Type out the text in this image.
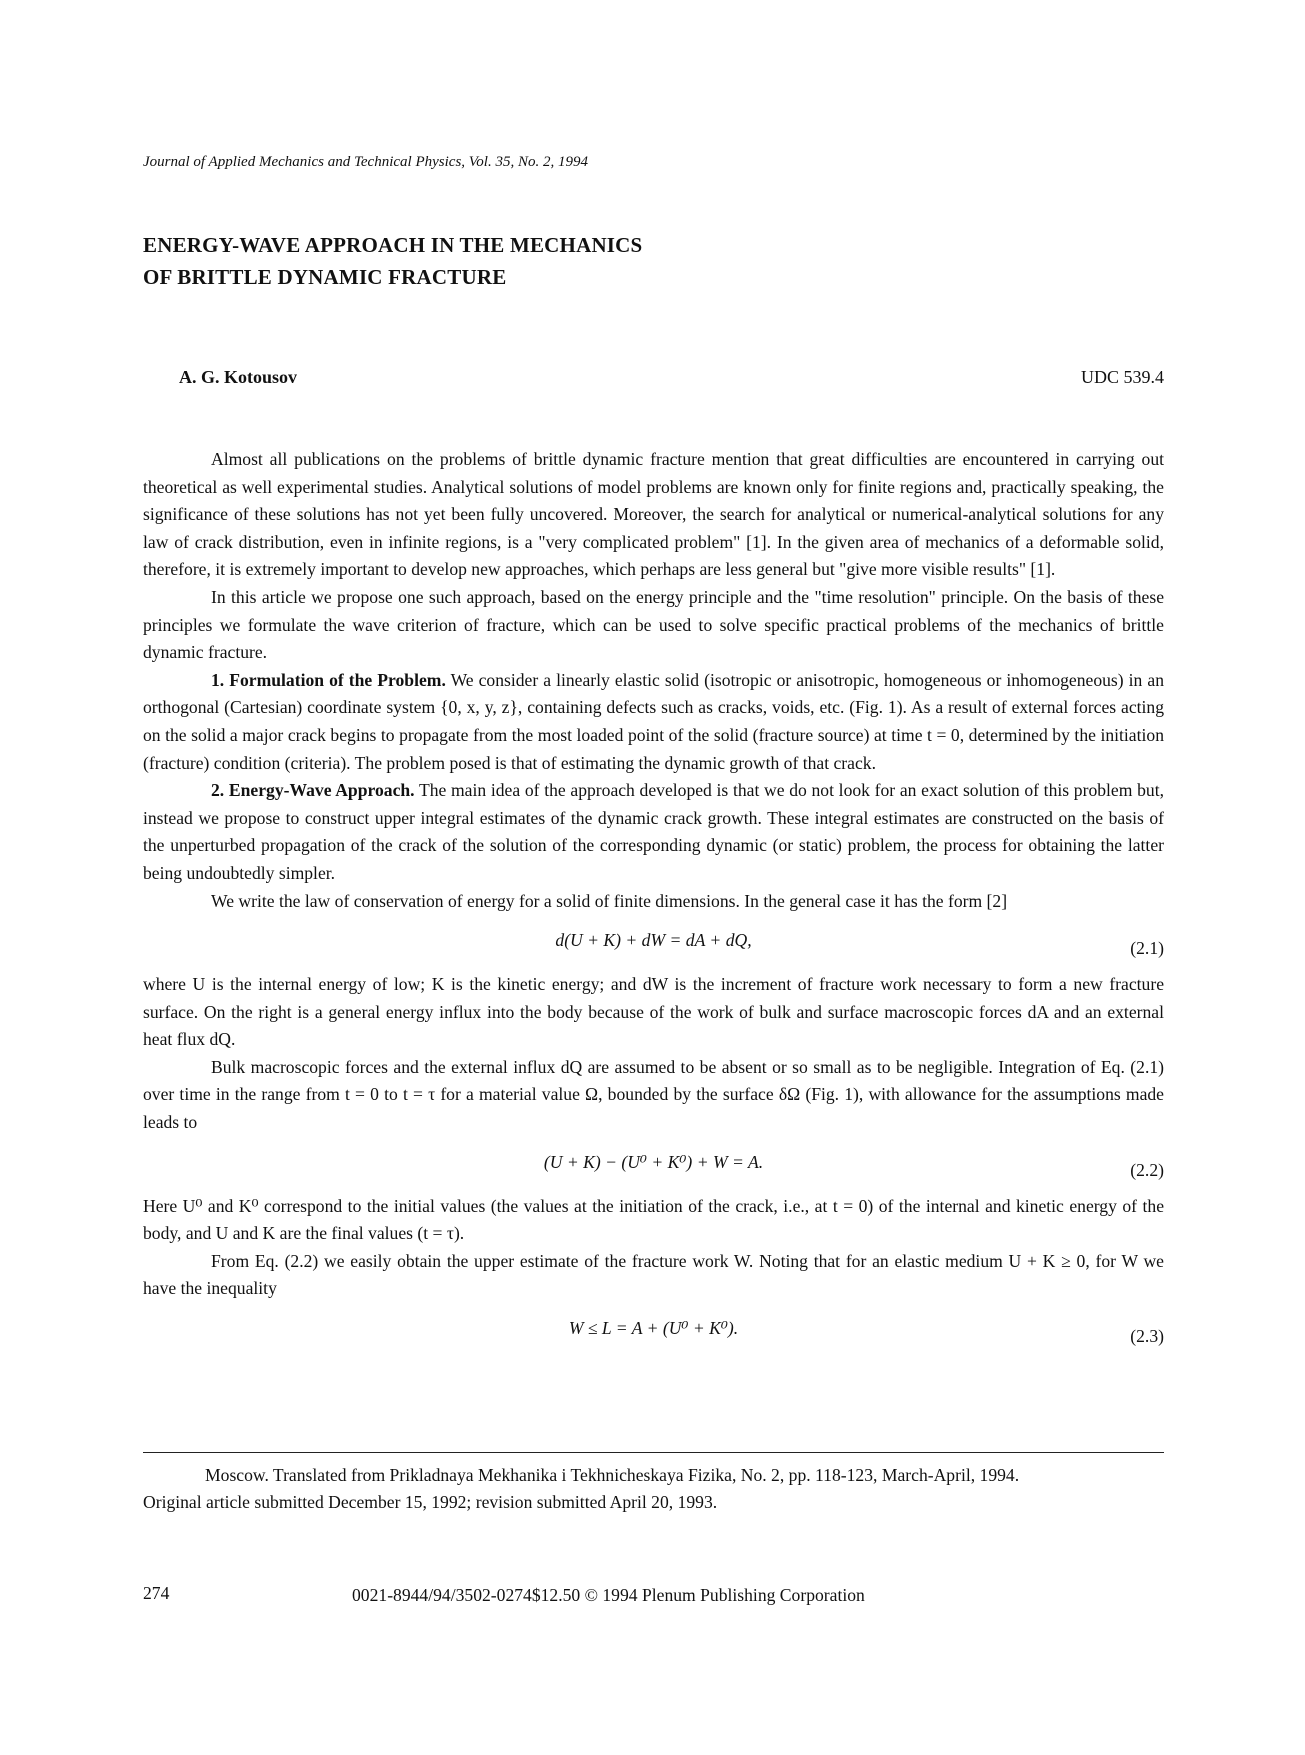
Journal of Applied Mechanics and Technical Physics, Vol. 35, No. 2, 1994
ENERGY-WAVE APPROACH IN THE MECHANICS
OF BRITTLE DYNAMIC FRACTURE
A. G. Kotousov	UDC 539.4

Almost all publications on the problems of brittle dynamic fracture mention that great difficulties are encountered in carrying out theoretical as well experimental studies. Analytical solutions of model problems are known only for finite regions and, practically speaking, the significance of these solutions has not yet been fully uncovered. Moreover, the search for analytical or numerical-analytical solutions for any law of crack distribution, even in infinite regions, is a "very complicated problem" [1]. In the given area of mechanics of a deformable solid, therefore, it is extremely important to develop new approaches, which perhaps are less general but "give more visible results" [1].

In this article we propose one such approach, based on the energy principle and the "time resolution" principle. On the basis of these principles we formulate the wave criterion of fracture, which can be used to solve specific practical problems of the mechanics of brittle dynamic fracture.

1. Formulation of the Problem. We consider a linearly elastic solid (isotropic or anisotropic, homogeneous or inhomogeneous) in an orthogonal (Cartesian) coordinate system {0, x, y, z}, containing defects such as cracks, voids, etc. (Fig. 1). As a result of external forces acting on the solid a major crack begins to propagate from the most loaded point of the solid (fracture source) at time t = 0, determined by the initiation (fracture) condition (criteria). The problem posed is that of estimating the dynamic growth of that crack.

2. Energy-Wave Approach. The main idea of the approach developed is that we do not look for an exact solution of this problem but, instead we propose to construct upper integral estimates of the dynamic crack growth. These integral estimates are constructed on the basis of the unperturbed propagation of the crack of the solution of the corresponding dynamic (or static) problem, the process for obtaining the latter being undoubtedly simpler.

We write the law of conservation of energy for a solid of finite dimensions. In the general case it has the form [2]

d(U + K) + dW = dA + dQ,	(2.1)

where U is the internal energy of low; K is the kinetic energy; and dW is the increment of fracture work necessary to form a new fracture surface. On the right is a general energy influx into the body because of the work of bulk and surface macroscopic forces dA and an external heat flux dQ.

Bulk macroscopic forces and the external influx dQ are assumed to be absent or so small as to be negligible. Integration of Eq. (2.1) over time in the range from t = 0 to t = τ for a material value Ω, bounded by the surface δΩ (Fig. 1), with allowance for the assumptions made leads to

(U + K) − (U⁰ + K⁰) + W = A.	(2.2)

Here U⁰ and K⁰ correspond to the initial values (the values at the initiation of the crack, i.e., at t = 0) of the internal and kinetic energy of the body, and U and K are the final values (t = τ).

From Eq. (2.2) we easily obtain the upper estimate of the fracture work W. Noting that for an elastic medium U + K ≥ 0, for W we have the inequality

W ≤ L = A + (U⁰ + K⁰).	(2.3)

Moscow. Translated from Prikladnaya Mekhanika i Tekhnicheskaya Fizika, No. 2, pp. 118-123, March-April, 1994.

Original article submitted December 15, 1992; revision submitted April 20, 1993.
274	0021-8944/94/3502-0274$12.50 © 1994 Plenum Publishing Corporation
